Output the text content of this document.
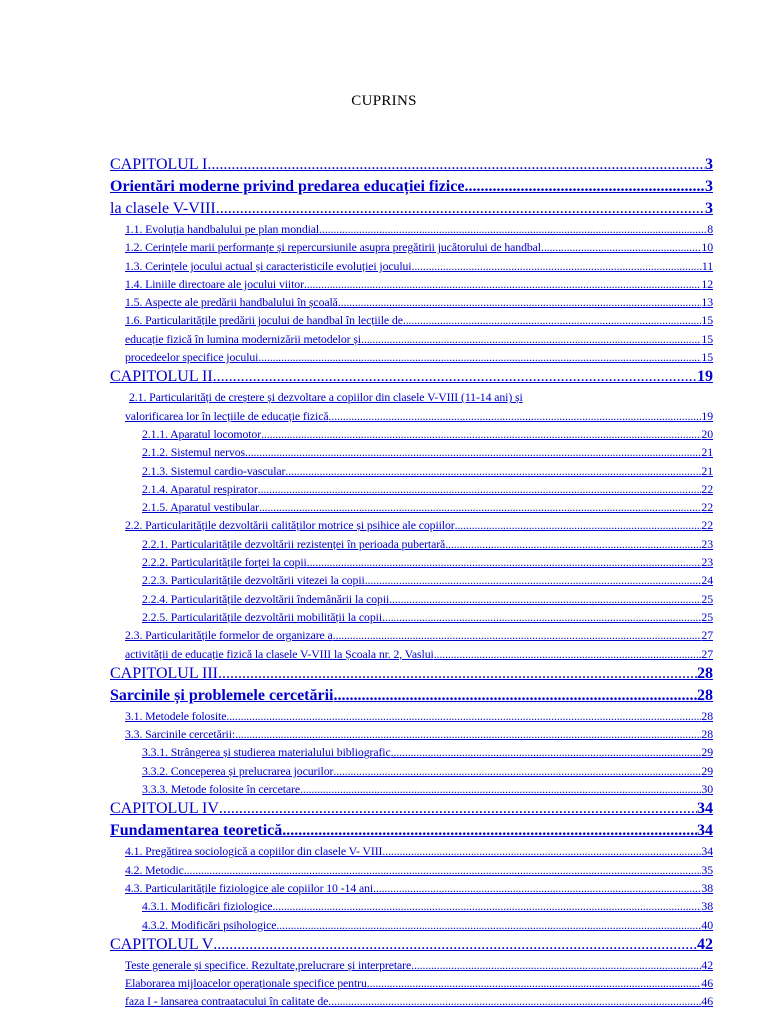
CUPRINS
CAPITOLUL I .....	3
Orientări moderne privind predarea educației fizice .....	3
la clasele V-VIII .....	3
1.1. Evoluția handbalului pe plan mondial .....	8
1.2. Cerințele marii performanțe și repercursiunile asupra pregătirii jucătorului de handbal .....	10
1.3. Cerințele jocului actual și caracteristicile evoluției jocului .....	11
1.4. Liniile directoare ale jocului viitor .....	12
1.5. Aspecte ale predării handbalului în școală .....	13
1.6. Particularitățile predării jocului de handbal în lecțiile de .....	15
educație fizică în lumina modernizării metodelor și .....	15
procedeelor specifice jocului .....	15
CAPITOLUL II .....	19
2.1. Particularități de creștere și dezvoltare a copiilor din clasele V-VIII (11-14 ani) și
valorificarea lor în lecțiile de educație fizică .....	19
2.1.1. Aparatul locomotor .....	20
2.1.2. Sistemul nervos .....	21
2.1.3. Sistemul cardio-vascular .....	21
2.1.4. Aparatul respirator .....	22
2.1.5. Aparatul vestibular .....	22
2.2. Particularitățile dezvoltării calităților motrice și psihice ale copiilor .....	22
2.2.1. Particularitățile dezvoltării rezistenței în perioada pubertară .....	23
2.2.2. Particularitățile forței la copii .....	23
2.2.3. Particularitățile dezvoltării vitezei la copii .....	24
2.2.4. Particularitățile dezvoltării îndemânării la copii .....	25
2.2.5. Particularitățile dezvoltării mobilității la copii .....	25
2.3. Particularitățile formelor de organizare a .....	27
activității de educație fizică la clasele V-VIII la Școala nr. 2, Vaslui .....	27
CAPITOLUL III .....	28
Sarcinile și problemele cercetării .....	28
3.1. Metodele folosite .....	28
3.3. Sarcinile cercetării: .....	28
3.3.1. Strângerea și studierea materialului bibliografic .....	29
3.3.2. Conceperea și prelucrarea jocurilor .....	29
3.3.3. Metode folosite în cercetare .....	30
CAPITOLUL IV .....	34
Fundamentarea teoretică .....	34
4.1. Pregătirea sociologică a copiilor din clasele V- VIII .....	34
4.2. Metodic .....	35
4.3. Particularitățile fiziologice ale copiilor 10 -14 ani .....	38
4.3.1. Modificări fiziologice .....	38
4.3.2. Modificări psihologice .....	40
CAPITOLUL V .....	42
Teste generale și specifice. Rezultate,prelucrare și interpretare .....	42
Elaborarea mijloacelor operaționale specifice pentru .....	46
faza I - lansarea contraatacului în calitate de .....	46
